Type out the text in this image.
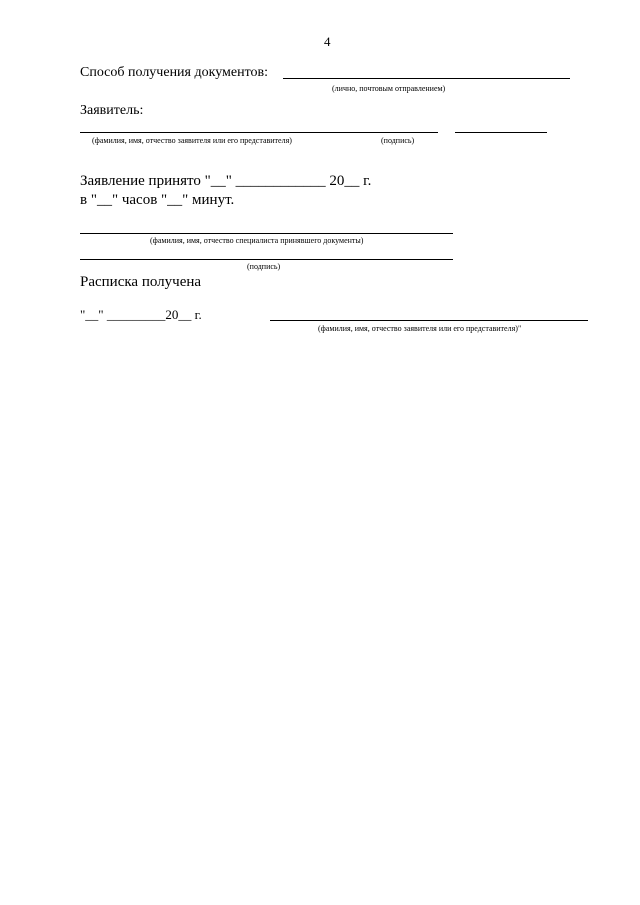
4
Способ получения документов:
(лично, почтовым отправлением)
Заявитель:
(фамилия, имя, отчество заявителя или его представителя)	(подпись)
Заявление принято "__" ____________ 20__ г.
в "__" часов "__" минут.
(фамилия, имя, отчество специалиста принявшего документы)
(подпись)
Расписка получена
"__" _________20__ г.
(фамилия, имя, отчество заявителя или его представителя)"
